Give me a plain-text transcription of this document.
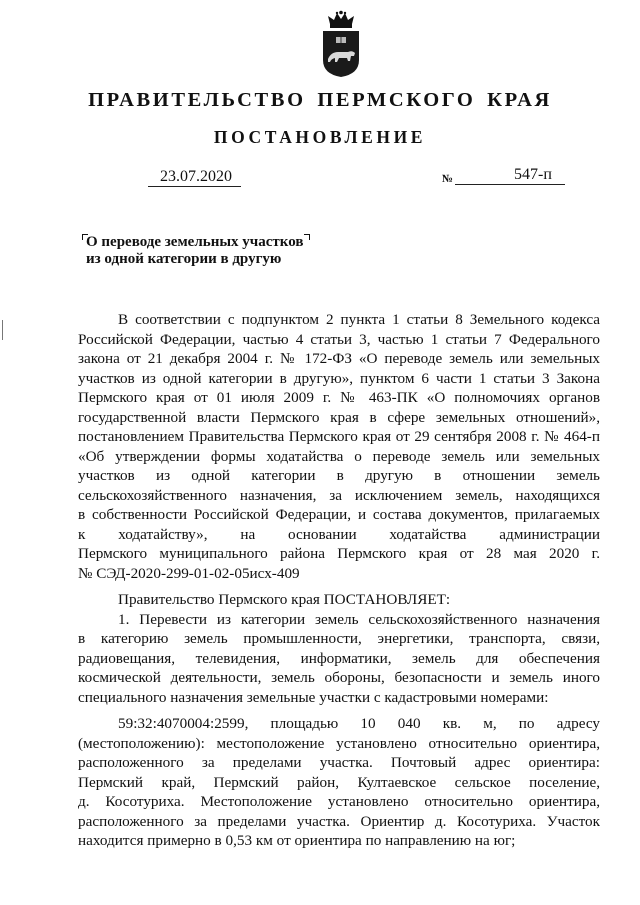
ПРАВИТЕЛЬСТВО ПЕРМСКОГО КРАЯ
ПОСТАНОВЛЕНИЕ
23.07.2020	№	547-п
О переводе земельных участков
из одной категории в другую

В соответствии с подпунктом 2 пункта 1 статьи 8 Земельного кодекса
Российской Федерации, частью 4 статьи 3, частью 1 статьи 7 Федерального
закона от 21 декабря 2004 г. № 172-ФЗ «О переводе земель или земельных
участков из одной категории в другую», пунктом 6 части 1 статьи 3 Закона
Пермского края от 01 июля 2009 г. № 463-ПК «О полномочиях органов
государственной власти Пермского края в сфере земельных отношений»,
постановлением Правительства Пермского края от 29 сентября 2008 г. № 464-п
«Об утверждении формы ходатайства о переводе земель или земельных
участков из одной категории в другую в отношении земель
сельскохозяйственного назначения, за исключением земель, находящихся
в собственности Российской Федерации, и состава документов, прилагаемых
к ходатайству», на основании ходатайства администрации
Пермского муниципального района Пермского края от 28 мая 2020 г.
№ СЭД-2020-299-01-02-05исх-409

Правительство Пермского края ПОСТАНОВЛЯЕТ:

1. Перевести из категории земель сельскохозяйственного назначения
в категорию земель промышленности, энергетики, транспорта, связи,
радиовещания, телевидения, информатики, земель для обеспечения
космической деятельности, земель обороны, безопасности и земель иного
специального назначения земельные участки с кадастровыми номерами:

59:32:4070004:2599, площадью 10 040 кв. м, по адресу
(местоположению): местоположение установлено относительно ориентира,
расположенного за пределами участка. Почтовый адрес ориентира:
Пермский край, Пермский район, Култаевское сельское поселение,
д. Косотуриха. Местоположение установлено относительно ориентира,
расположенного за пределами участка. Ориентир д. Косотуриха. Участок
находится примерно в 0,53 км от ориентира по направлению на юг;
